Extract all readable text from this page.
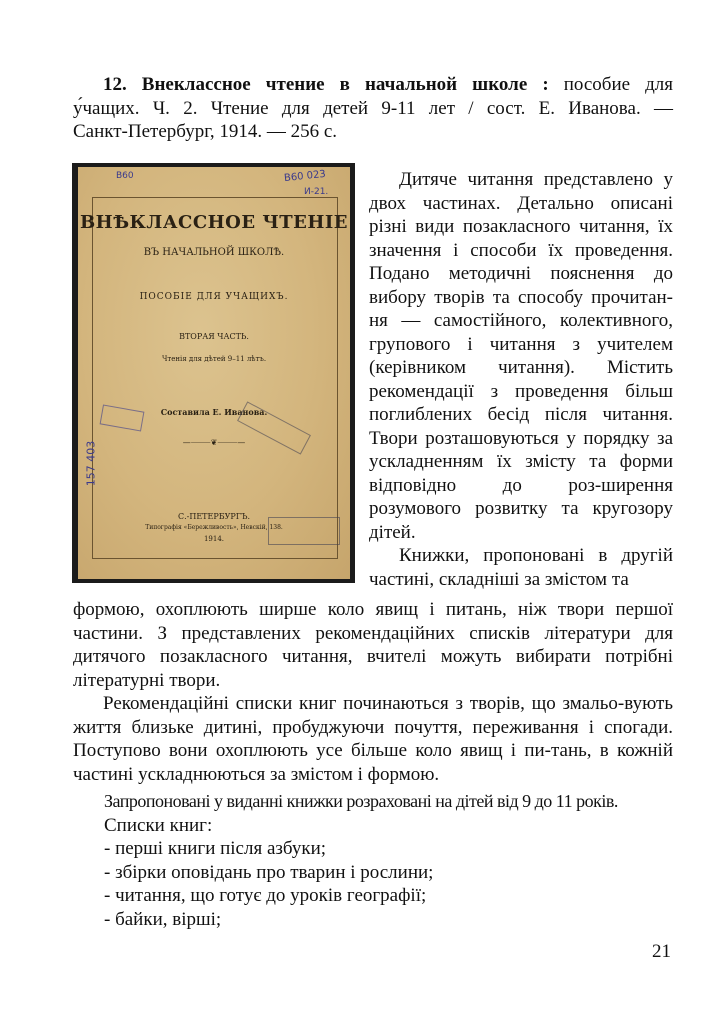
12. Внеклассное чтение в начальной школе : пособие для
у́чащих. Ч. 2. Чтение для детей 9-11 лет / сост. Е. Иванова. —
Санкт-Петербург, 1914. — 256 с.
ВНѢКЛАССНОЕ ЧТЕНІЕ
ВЪ НАЧАЛЬНОЙ ШКОЛѢ.
ПОСОБІЕ ДЛЯ УЧАЩИХЪ.
ВТОРАЯ ЧАСТЬ.
Чтенія для дѣтей 9–11 лѣтъ.
Составила Е. Иванова.
—⸻❦⸻—
С.-ПЕТЕРБУРГЪ.
Типографія «Бережливость», Невскій, 138.
1914.
В60	В60 023
И-21.
157 403

Дитяче читання представлено у двох частинах. Детально описані різні види позакласного читання, їх значення і способи їх проведення. Подано методичні пояснення до вибору творів та способу прочитан-ня — самостійного, колективного, групового і читання з учителем (керівником читання). Містить рекомендації з проведення більш поглиблених бесід після читання. Твори розташовуються у порядку за ускладненням їх змісту та форми відповідно до роз-ширення розумового розвитку та кругозору дітей.

Книжки, пропоновані в другій частині, складніші за змістом та

формою, охоплюють ширше коло явищ і питань, ніж твори першої частини. З представлених рекомендаційних списків літератури для дитячого позакласного читання, вчителі можуть вибирати потрібні літературні твори.

Рекомендаційні списки книг починаються з творів, що змальо-вують життя близьке дитині, пробуджуючи почуття, переживання і спогади. Поступово вони охоплюють усе більше коло явищ і пи-тань, в кожній частині ускладнюються за змістом і формою.

Запропоновані у виданні книжки розраховані на дітей від 9 до 11 років.
Списки книг:
- перші книги після азбуки;
- збірки оповідань про тварин і рослини;
- читання, що готує до уроків географії;
- байки, вірші;
21
